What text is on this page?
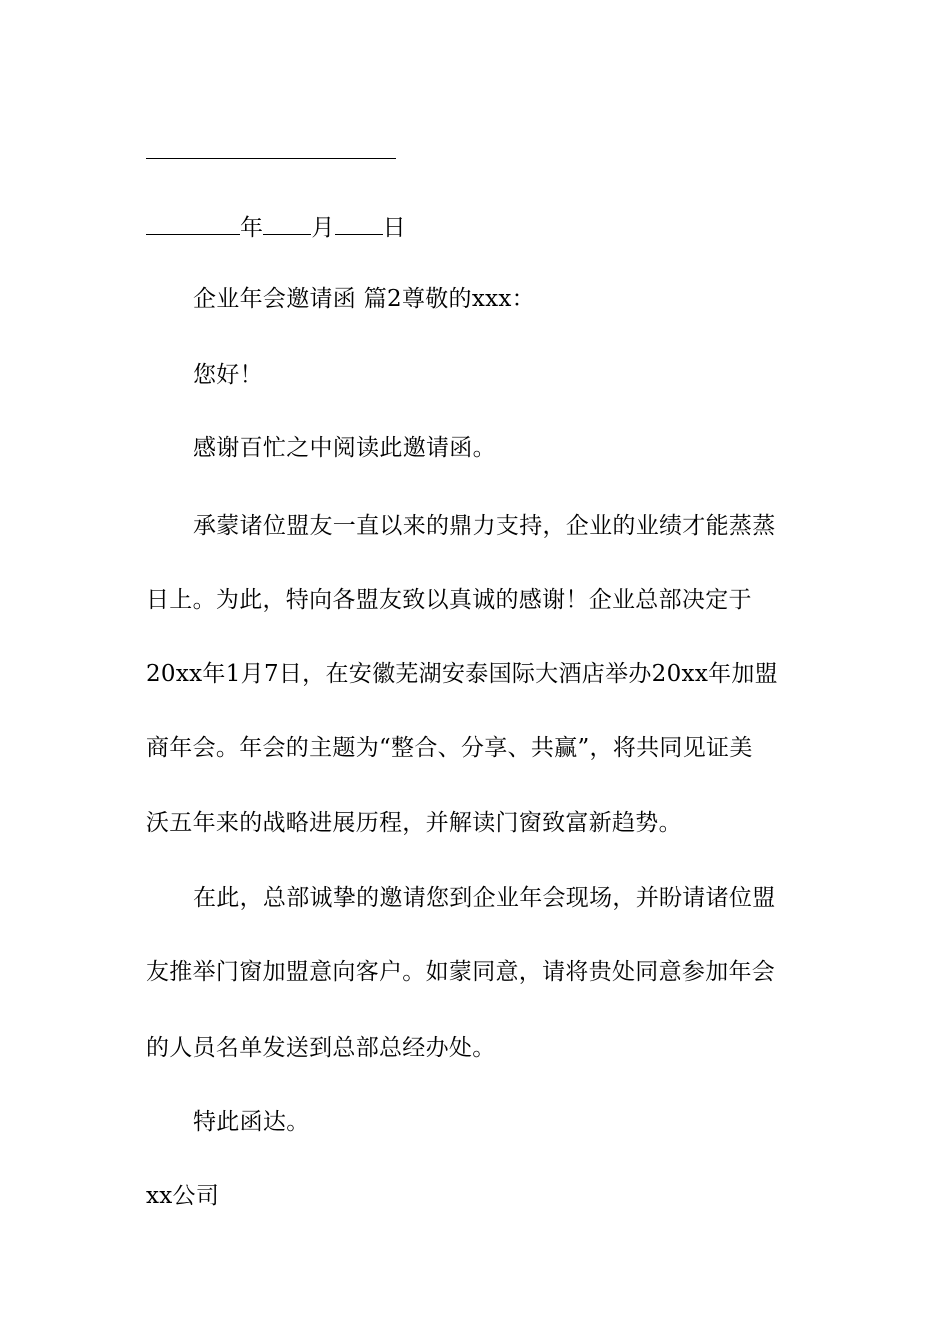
年 月 日
企业年会邀请函 篇2尊敬的xxx：
您好！
感谢百忙之中阅读此邀请函。
承蒙诸位盟友一直以来的鼎力支持，企业的业绩才能蒸蒸
日上。为此，特向各盟友致以真诚的感谢！企业总部决定于
20xx年1月7日，在安徽芜湖安泰国际大酒店举办20xx年加盟
商年会。年会的主题为“整合、分享、共赢”，将共同见证美
沃五年来的战略进展历程，并解读门窗致富新趋势。
在此，总部诚挚的邀请您到企业年会现场，并盼请诸位盟
友推举门窗加盟意向客户。如蒙同意，请将贵处同意参加年会
的人员名单发送到总部总经办处。
特此函达。
xx公司
